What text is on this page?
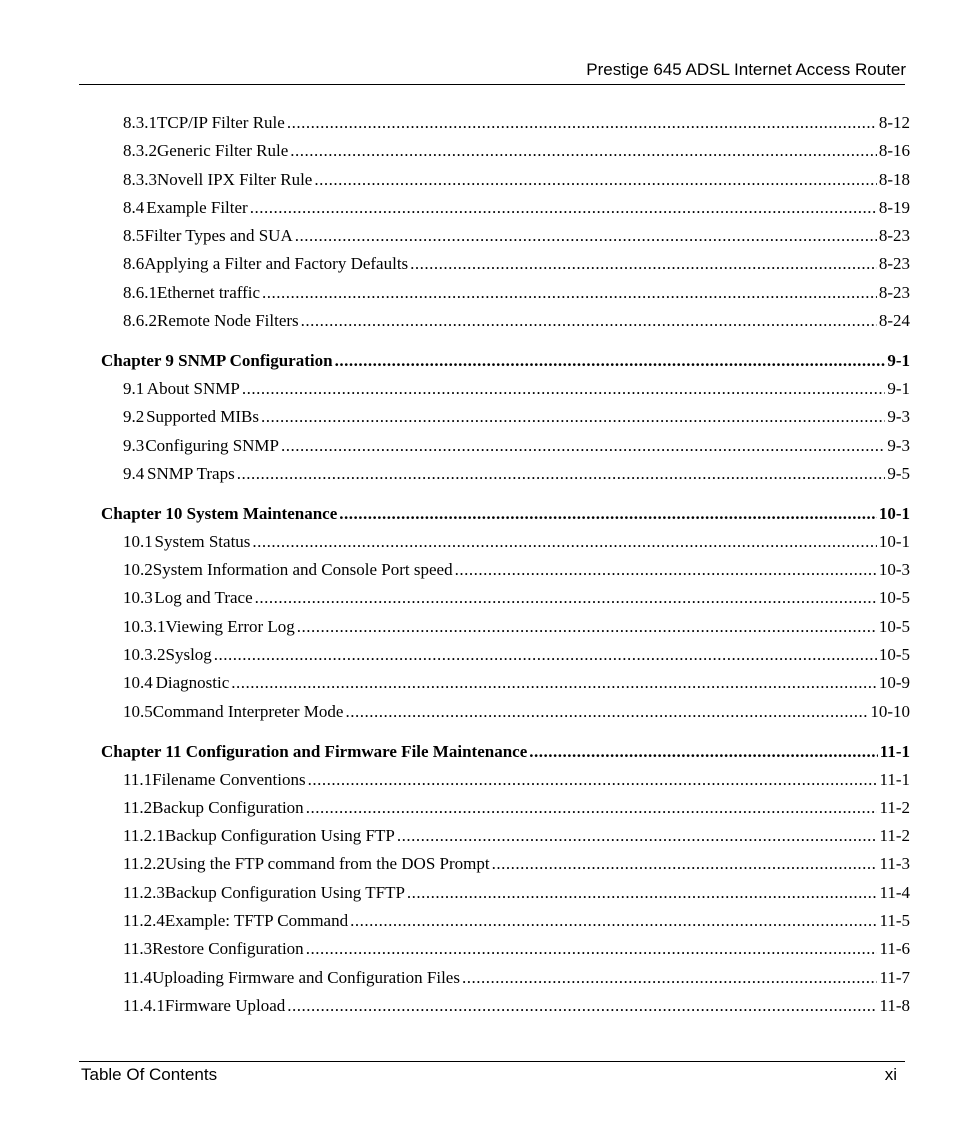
Prestige 645 ADSL Internet Access Router
8.3.1 TCP/IP Filter Rule .....	8-12
8.3.2 Generic Filter Rule .....	8-16
8.3.3 Novell IPX Filter Rule .....	8-18
8.4 Example Filter .....	8-19
8.5 Filter Types and SUA .....	8-23
8.6 Applying a Filter and Factory Defaults .....	8-23
8.6.1 Ethernet traffic .....	8-23
8.6.2 Remote Node Filters .....	8-24
Chapter 9 SNMP Configuration .....	9-1
9.1 About SNMP .....	9-1
9.2 Supported MIBs .....	9-3
9.3 Configuring SNMP .....	9-3
9.4 SNMP Traps .....	9-5
Chapter 10 System Maintenance .....	10-1
10.1 System Status .....	10-1
10.2 System Information and Console Port speed .....	10-3
10.3 Log and Trace .....	10-5
10.3.1 Viewing Error Log .....	10-5
10.3.2 Syslog .....	10-5
10.4 Diagnostic .....	10-9
10.5 Command Interpreter Mode .....	10-10
Chapter 11 Configuration and Firmware File Maintenance .....	11-1
11.1 Filename Conventions .....	11-1
11.2 Backup Configuration .....	11-2
11.2.1 Backup Configuration Using FTP .....	11-2
11.2.2 Using the FTP command from the DOS Prompt .....	11-3
11.2.3 Backup Configuration Using TFTP .....	11-4
11.2.4 Example: TFTP Command .....	11-5
11.3 Restore Configuration .....	11-6
11.4 Uploading Firmware and Configuration Files .....	11-7
11.4.1 Firmware Upload .....	11-8
Table Of Contents	xi
